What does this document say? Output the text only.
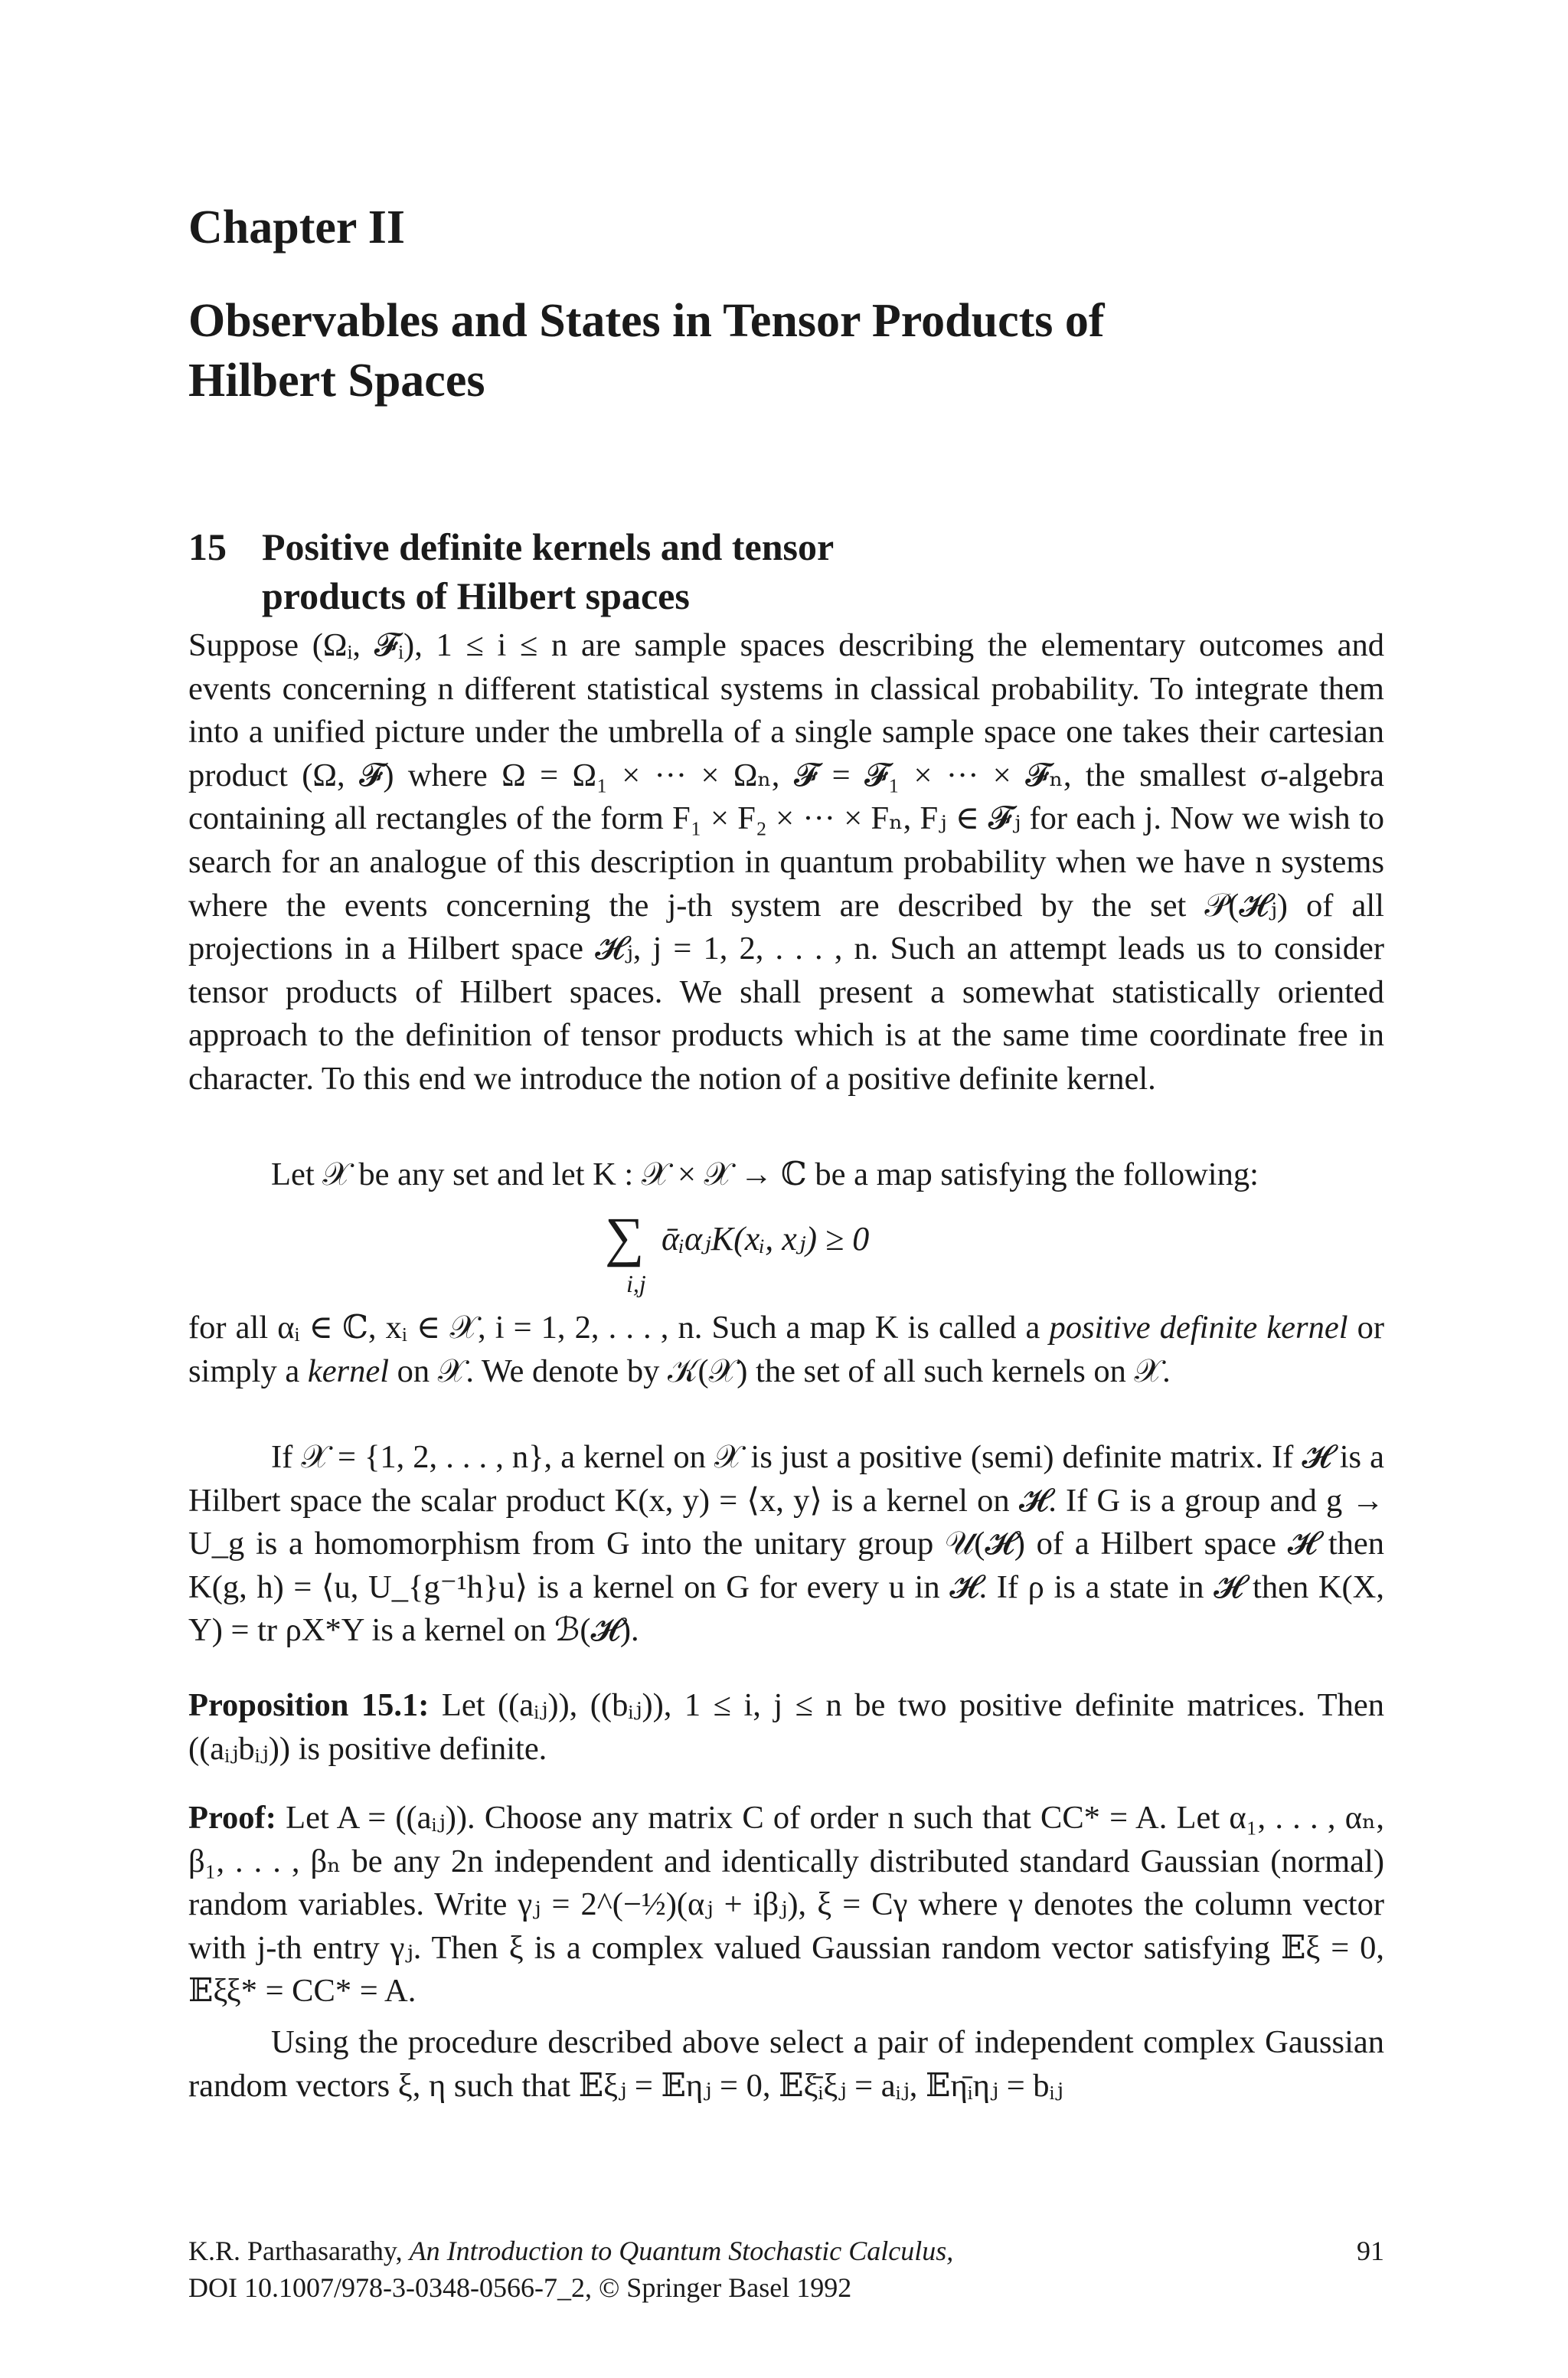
Chapter II
Observables and States in Tensor Products of Hilbert Spaces
15 Positive definite kernels and tensor
products of Hilbert spaces
Suppose (Ωᵢ, 𝓕ᵢ), 1 ≤ i ≤ n are sample spaces describing the elementary outcomes and events concerning n different statistical systems in classical probability. To integrate them into a unified picture under the umbrella of a single sample space one takes their cartesian product (Ω, 𝓕) where Ω = Ω₁ × ··· × Ωₙ, 𝓕 = 𝓕₁ × ··· × 𝓕ₙ, the smallest σ-algebra containing all rectangles of the form F₁ × F₂ × ··· × Fₙ, Fⱼ ∈ 𝓕ⱼ for each j. Now we wish to search for an analogue of this description in quantum probability when we have n systems where the events concerning the j-th system are described by the set 𝒫(𝓗ⱼ) of all projections in a Hilbert space 𝓗ⱼ, j = 1, 2, . . . , n. Such an attempt leads us to consider tensor products of Hilbert spaces. We shall present a somewhat statistically oriented approach to the definition of tensor products which is at the same time coordinate free in character. To this end we introduce the notion of a positive definite kernel.
Let 𝒳 be any set and let K : 𝒳 × 𝒳 → ℂ be a map satisfying the following:
∑ ᾱᵢαⱼK(xᵢ, xⱼ) ≥ 0
i,j
for all αᵢ ∈ ℂ, xᵢ ∈ 𝒳, i = 1, 2, . . . , n. Such a map K is called a positive definite kernel or simply a kernel on 𝒳. We denote by 𝒦(𝒳) the set of all such kernels on 𝒳.
If 𝒳 = {1, 2, . . . , n}, a kernel on 𝒳 is just a positive (semi) definite matrix. If 𝓗 is a Hilbert space the scalar product K(x, y) = ⟨x, y⟩ is a kernel on 𝓗. If G is a group and g → U_g is a homomorphism from G into the unitary group 𝒰(𝓗) of a Hilbert space 𝓗 then K(g, h) = ⟨u, U_{g⁻¹h}u⟩ is a kernel on G for every u in 𝓗. If ρ is a state in 𝓗 then K(X, Y) = tr ρX*Y is a kernel on ℬ(𝓗).
Proposition 15.1: Let ((aᵢⱼ)), ((bᵢⱼ)), 1 ≤ i, j ≤ n be two positive definite matrices. Then ((aᵢⱼbᵢⱼ)) is positive definite.
Proof: Let A = ((aᵢⱼ)). Choose any matrix C of order n such that CC* = A. Let α₁, . . . , αₙ, β₁, . . . , βₙ be any 2n independent and identically distributed standard Gaussian (normal) random variables. Write γⱼ = 2^(−½)(αⱼ + iβⱼ), ξ = Cγ where γ denotes the column vector with j-th entry γⱼ. Then ξ is a complex valued Gaussian random vector satisfying 𝔼ξ = 0, 𝔼ξξ* = CC* = A.
Using the procedure described above select a pair of independent complex Gaussian random vectors ξ, η such that 𝔼ξⱼ = 𝔼ηⱼ = 0, 𝔼ξ̄ᵢξⱼ = aᵢⱼ, 𝔼η̄ᵢηⱼ = bᵢⱼ
K.R. Parthasarathy, An Introduction to Quantum Stochastic Calculus,
DOI 10.1007/978-3-0348-0566-7_2, © Springer Basel 1992
91
